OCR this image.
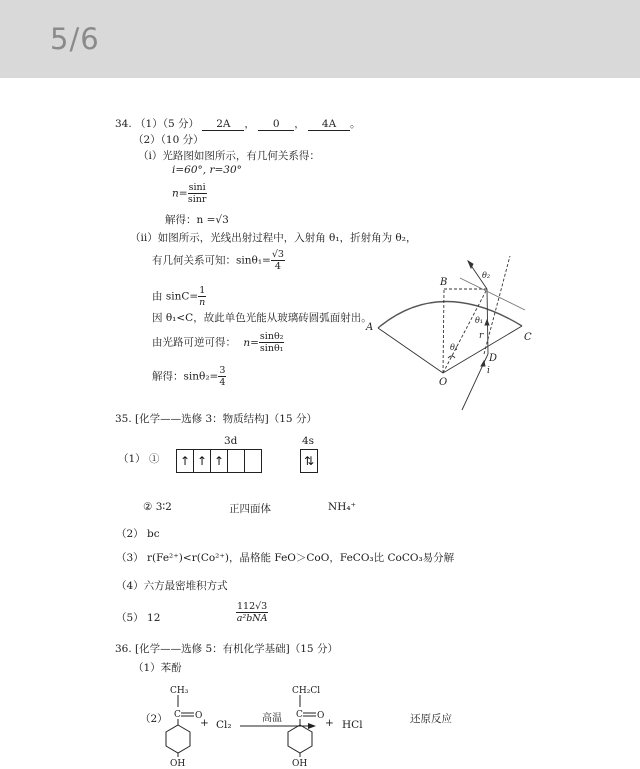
5/6
34. （1）（5 分） 2A ， 0 ， 4A 。
（2）（10 分）
（i）光路图如图所示，有几何关系得：
i=60°, r=30°
$n= \frac{\sin i}{\sin r}$
解得：n =√3
（ii）如图所示，光线出射过程中，入射角 θ₁，折射角为 θ₂，
有几何关系可知：$\sin\theta_1= \frac{√3}{4}$
由 $\sin C= \frac{1}{n}$
因 θ₁<C，故此单色光能从玻璃砖圆弧面射出。
由光路可逆可得： $n= \frac{\text{sinθ₂}}{\text{sinθ₁}}$
解得：$\sin\theta_2= \frac{3}{4}$
A
B
C
D
O
i
r
θ₁
θ₂
θ₁
35. [化学——选修 3：物质结构]（15 分）
3d	4s
（1） ① ↑ ↑ ↑	⇅
② 3∶2	正四面体	NH₄⁺
（2） bc
（3） r(Fe²⁺)<r(Co²⁺)，晶格能 FeO＞CoO，FeCO₃比 CoCO₃易分解
（4）六方最密堆积方式
（5） 12	$\frac{112√3}{\text{a²bNA}}$
36. [化学——选修 5：有机化学基础]（15 分）
（1）苯酚
（2）
CH₃
C O
OH
+ Cl₂
高温
CH₂Cl
C O
OH
+ HCl	还原反应
